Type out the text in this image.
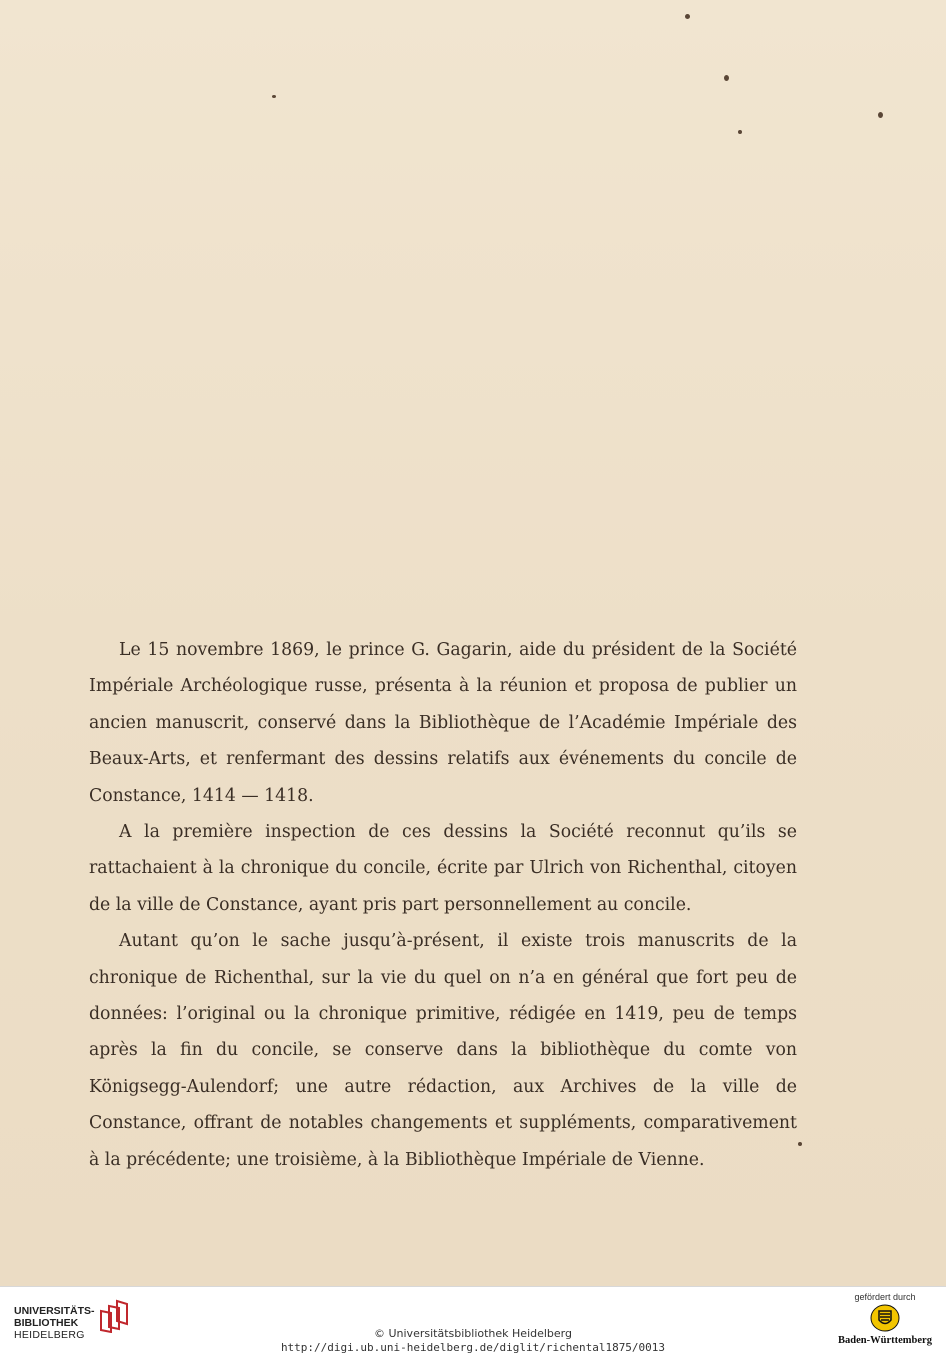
Le 15 novembre 1869, le prince G. Gagarin, aide du président de la Société Impériale Archéologique russe, présenta à la réunion et proposa de publier un ancien manuscrit, conservé dans la Bibliothèque de l’Académie Impériale des Beaux-Arts, et renfermant des dessins relatifs aux événements du concile de Constance, 1414 — 1418.

A la première inspection de ces dessins la Société reconnut qu’ils se rattachaient à la chronique du concile, écrite par Ulrich von Richenthal, citoyen de la ville de Constance, ayant pris part personnellement au concile.

Autant qu’on le sache jusqu’à-présent, il existe trois manuscrits de la chronique de Richenthal, sur la vie du quel on n’a en général que fort peu de données: l’original ou la chronique primitive, rédigée en 1419, peu de temps après la fin du concile, se conserve dans la bibliothèque du comte von Königsegg-Aulendorf; une autre rédaction, aux Archives de la ville de Constance, offrant de notables changements et suppléments, comparativement à la précédente; une troisième, à la Bibliothèque Impériale de Vienne.

UNIVERSITÄTS-
BIBLIOTHEK
HEIDELBERG	© Universitätsbibliothek Heidelberg
http://digi.ub.uni-heidelberg.de/diglit/richental1875/0013
gefördert durch
Baden-Württemberg
